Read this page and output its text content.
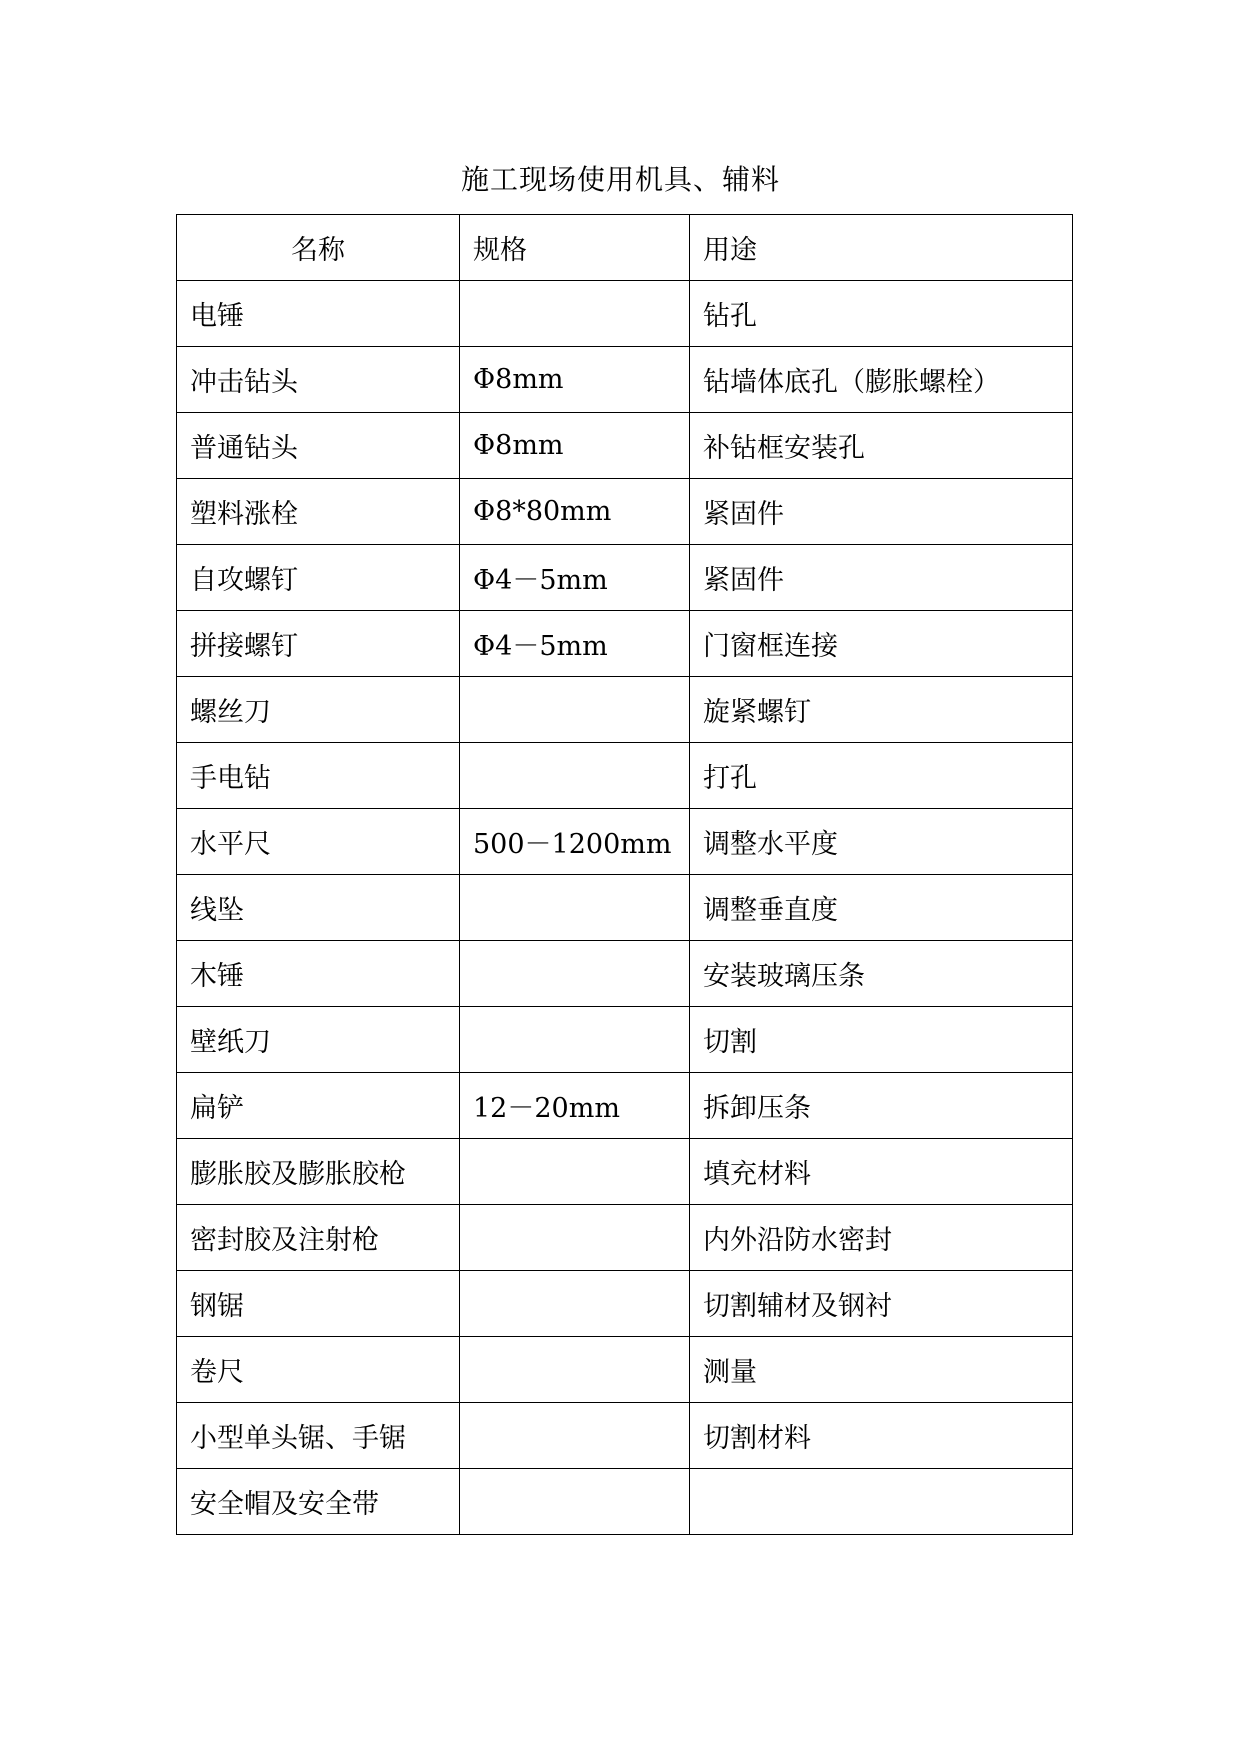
施工现场使用机具、辅料
名称	规格	用途
电锤		钻孔
冲击钻头	Φ8mm	钻墙体底孔（膨胀螺栓）
普通钻头	Φ8mm	补钻框安装孔
塑料涨栓	Φ8*80mm	紧固件
自攻螺钉	Φ4－5mm	紧固件
拼接螺钉	Φ4－5mm	门窗框连接
螺丝刀		旋紧螺钉
手电钻		打孔
水平尺	500－1200mm	调整水平度
线坠		调整垂直度
木锤		安装玻璃压条
壁纸刀		切割
扁铲	12－20mm	拆卸压条
膨胀胶及膨胀胶枪		填充材料
密封胶及注射枪		内外沿防水密封
钢锯		切割辅材及钢衬
卷尺		测量
小型单头锯、手锯		切割材料
安全帽及安全带		
